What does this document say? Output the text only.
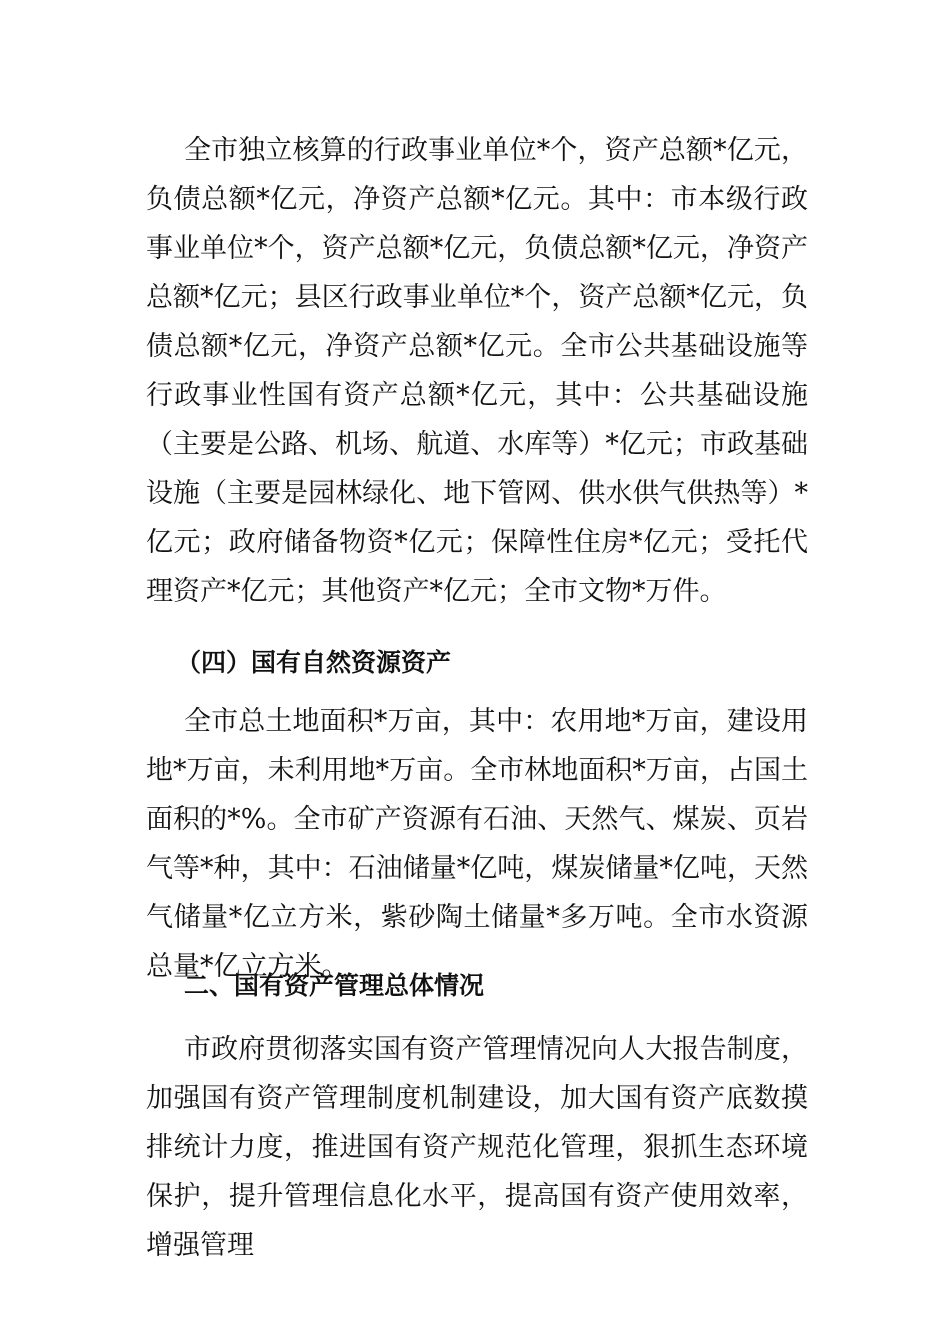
全市独立核算的行政事业单位*个，资产总额*亿元，负债总额*亿元，净资产总额*亿元。其中：市本级行政事业单位*个，资产总额*亿元，负债总额*亿元，净资产总额*亿元；县区行政事业单位*个，资产总额*亿元，负债总额*亿元，净资产总额*亿元。全市公共基础设施等行政事业性国有资产总额*亿元，其中：公共基础设施（主要是公路、机场、航道、水库等）*亿元；市政基础设施（主要是园林绿化、地下管网、供水供气供热等）*亿元；政府储备物资*亿元；保障性住房*亿元；受托代理资产*亿元；其他资产*亿元；全市文物*万件。

（四）国有自然资源资产

全市总土地面积*万亩，其中：农用地*万亩，建设用地*万亩，未利用地*万亩。全市林地面积*万亩，占国土面积的*%。全市矿产资源有石油、天然气、煤炭、页岩气等*种，其中：石油储量*亿吨，煤炭储量*亿吨，天然气储量*亿立方米，紫砂陶土储量*多万吨。全市水资源总量*亿立方米。

二、国有资产管理总体情况

市政府贯彻落实国有资产管理情况向人大报告制度，加强国有资产管理制度机制建设，加大国有资产底数摸排统计力度，推进国有资产规范化管理，狠抓生态环境保护，提升管理信息化水平，提高国有资产使用效率，增强管理
